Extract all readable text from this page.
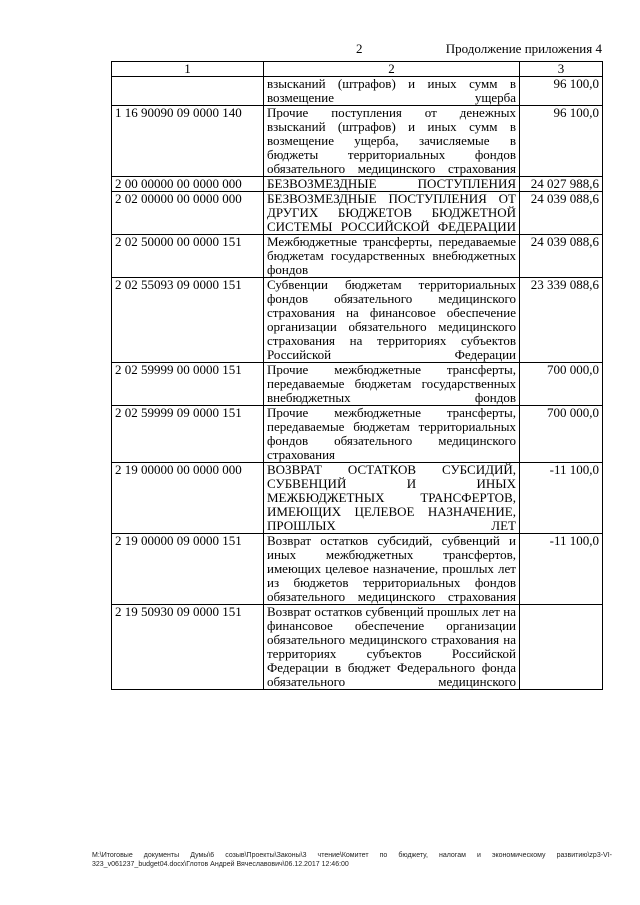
2	Продолжение приложения 4
1	2	3
	взысканий (штрафов) и иных сумм в возмещение ущерба	96 100,0
1 16 90090 09 0000 140	Прочие поступления от денежных взысканий (штрафов) и иных сумм в возмещение ущерба, зачисляемые в бюджеты территориальных фондов обязательного медицинского страхования	96 100,0
2 00 00000 00 0000 000	БЕЗВОЗМЕЗДНЫЕ ПОСТУПЛЕНИЯ	24 027 988,6
2 02 00000 00 0000 000	БЕЗВОЗМЕЗДНЫЕ ПОСТУПЛЕНИЯ ОТ ДРУГИХ БЮДЖЕТОВ БЮДЖЕТНОЙ СИСТЕМЫ РОССИЙСКОЙ ФЕДЕРАЦИИ	24 039 088,6
2 02 50000 00 0000 151	Межбюджетные трансферты, передаваемые бюджетам государственных внебюджетных фондов	24 039 088,6
2 02 55093 09 0000 151	Субвенции бюджетам территориальных фондов обязательного медицинского страхования на финансовое обеспечение организации обязательного медицинского страхования на территориях субъектов Российской Федерации	23 339 088,6
2 02 59999 00 0000 151	Прочие межбюджетные трансферты, передаваемые бюджетам государственных внебюджетных фондов	700 000,0
2 02 59999 09 0000 151	Прочие межбюджетные трансферты, передаваемые бюджетам территориальных фондов обязательного медицинского страхования	700 000,0
2 19 00000 00 0000 000	ВОЗВРАТ ОСТАТКОВ СУБСИДИЙ, СУБВЕНЦИЙ И ИНЫХ МЕЖБЮДЖЕТНЫХ ТРАНСФЕРТОВ, ИМЕЮЩИХ ЦЕЛЕВОЕ НАЗНАЧЕНИЕ, ПРОШЛЫХ ЛЕТ	-11 100,0
2 19 00000 09 0000 151	Возврат остатков субсидий, субвенций и иных межбюджетных трансфертов, имеющих целевое назначение, прошлых лет из бюджетов территориальных фондов обязательного медицинского страхования	-11 100,0
2 19 50930 09 0000 151	Возврат остатков субвенций прошлых лет на финансовое обеспечение организации обязательного медицинского страхования на территориях субъектов Российской Федерации в бюджет Федерального фонда обязательного медицинского	
M:\Итоговые документы Думы\6 созыв\Проекты\Законы\3 чтение\Комитет по бюджету, налогам и экономическому развитию\zp3-VI-323_v061237_budget04.docx\Глотов Андрей Вячеславович\06.12.2017 12:46:00
